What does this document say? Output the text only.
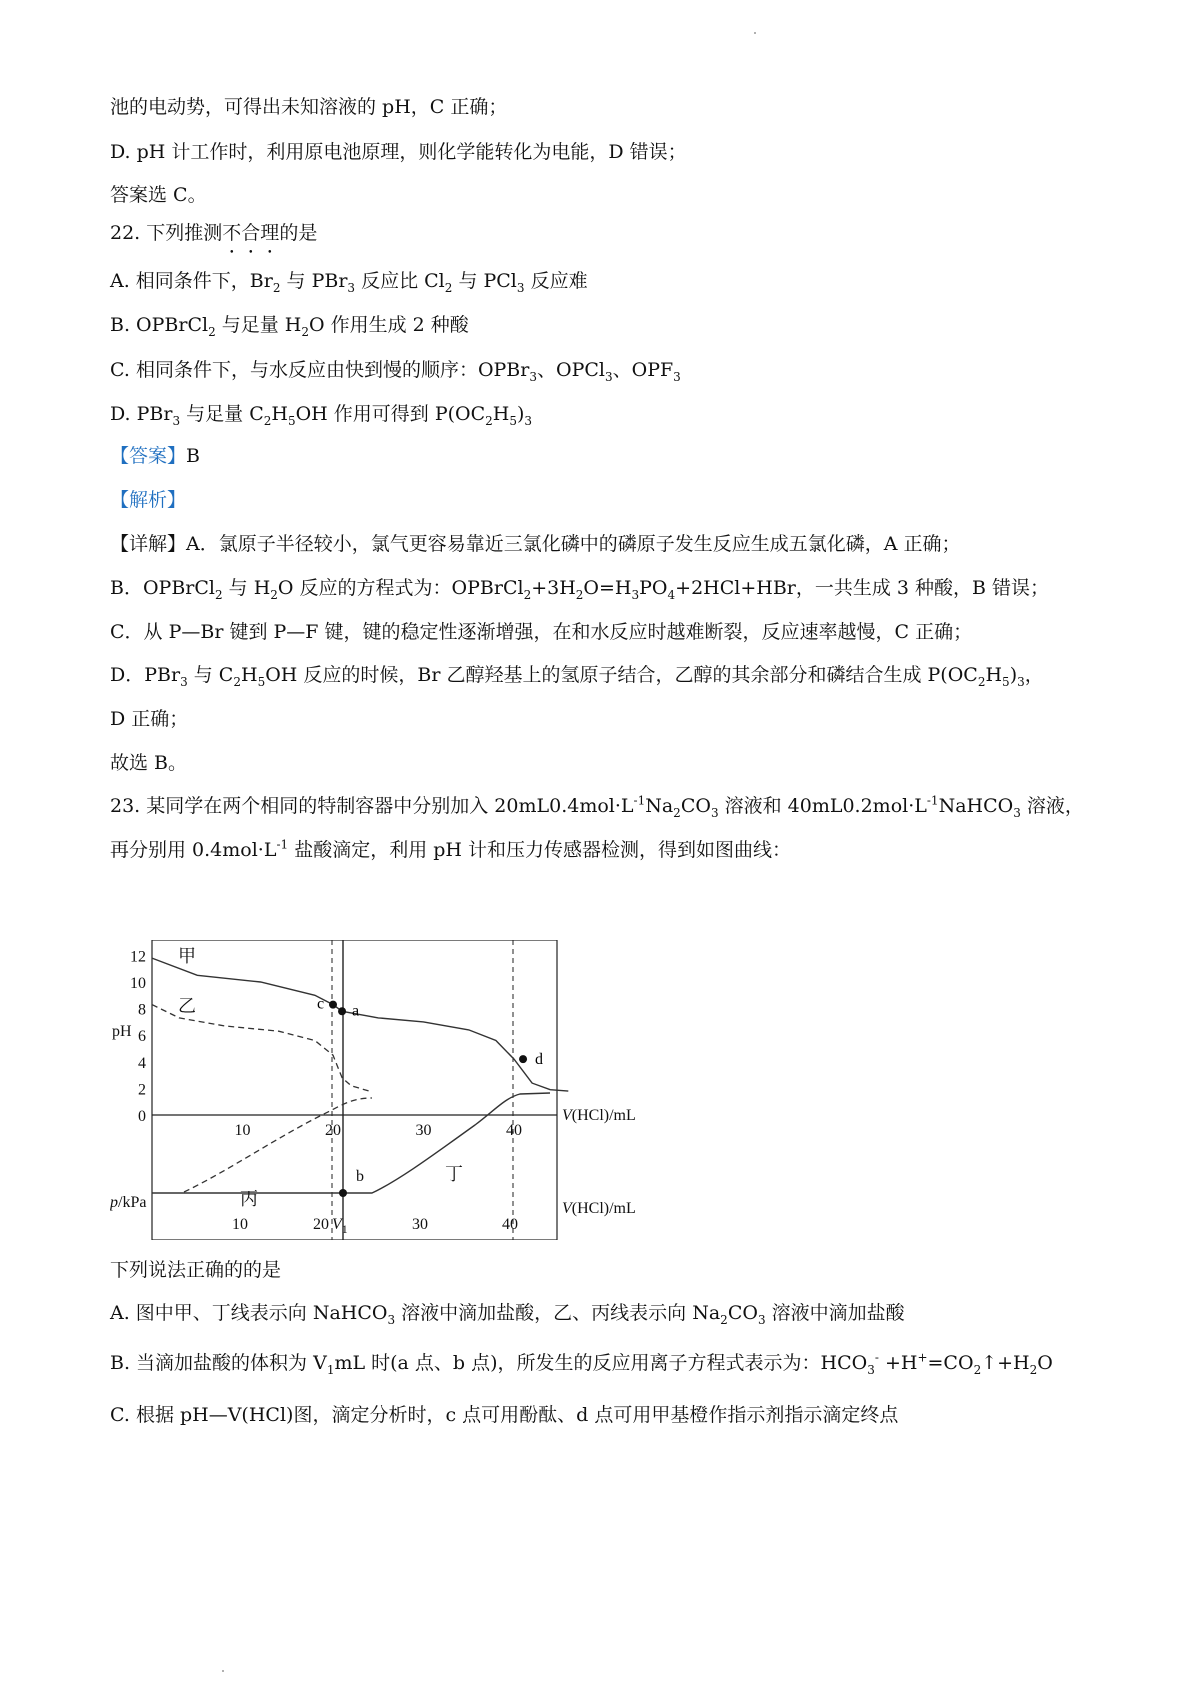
池的电动势，可得出未知溶液的 pH，C 正确；
D. pH 计工作时，利用原电池原理，则化学能转化为电能，D 错误；
答案选 C。
22. 下列推测不合理的是
A. 相同条件下，$Br_2$ 与 PBr$_3$ 反应比 $Cl_2$ 与 PCl$_3$ 反应难
B. OPBrCl$_2$ 与足量 $H_2O$ 作用生成 2 种酸
C. 相同条件下，与水反应由快到慢的顺序：OPBr$_3$、OPCl$_3$、$OPF_3$
D. PBr$_3$ 与足量 $C_2H_5OH$ 作用可得到 $P(OC_2H_5)_3$
【答案】B
【解析】
【详解】A．氯原子半径较小，氯气更容易靠近三氯化磷中的磷原子发生反应生成五氯化磷，A 正确；
B．OPBrCl$_2$ 与 $H_2O$ 反应的方程式为：$OPBrCl_2+3H_2O=H_3PO_4+2HCl+HBr$，一共生成 3 种酸，B 错误；
C．从 P—Br 键到 P—F 键，键的稳定性逐渐增强，在和水反应时越难断裂，反应速率越慢，C 正确；
D．PBr$_3$ 与 $C_2H_5OH$ 反应的时候，Br 乙醇羟基上的氢原子结合，乙醇的其余部分和磷结合生成 $P(OC_2H_5)_3$，
D 正确；
故选 B。
23. 某同学在两个相同的特制容器中分别加入 $20mL0.4mol\cdot L^{-1}Na_2CO_3$ 溶液和 $40mL0.2mol\cdot L^{-1}NaHCO_3$ 溶液，
再分别用 $0.4mol\cdot L^{-1}$ 盐酸滴定，利用 pH 计和压力传感器检测，得到如图曲线：
0
2
4
6
8
10
12
10	20	30	40
pH
V(HCl)/mL
甲
乙	c a
d
p/kPa	丙
丁
b
10	20 $V_1$	30	40
V(HCl)/mL
下列说法正确的的是
A. 图中甲、丁线表示向 NaHCO$_3$ 溶液中滴加盐酸，乙、丙线表示向 $Na_2CO_3$ 溶液中滴加盐酸
B. 当滴加盐酸的体积为 $V_1mL$ 时(a 点、b 点)，所发生的反应用离子方程式表示为：$HCO_3^-$ $+H^+=CO_2↑+H_2O$
C. 根据 pH—V(HCl)图，滴定分析时，c 点可用酚酞、d 点可用甲基橙作指示剂指示滴定终点
